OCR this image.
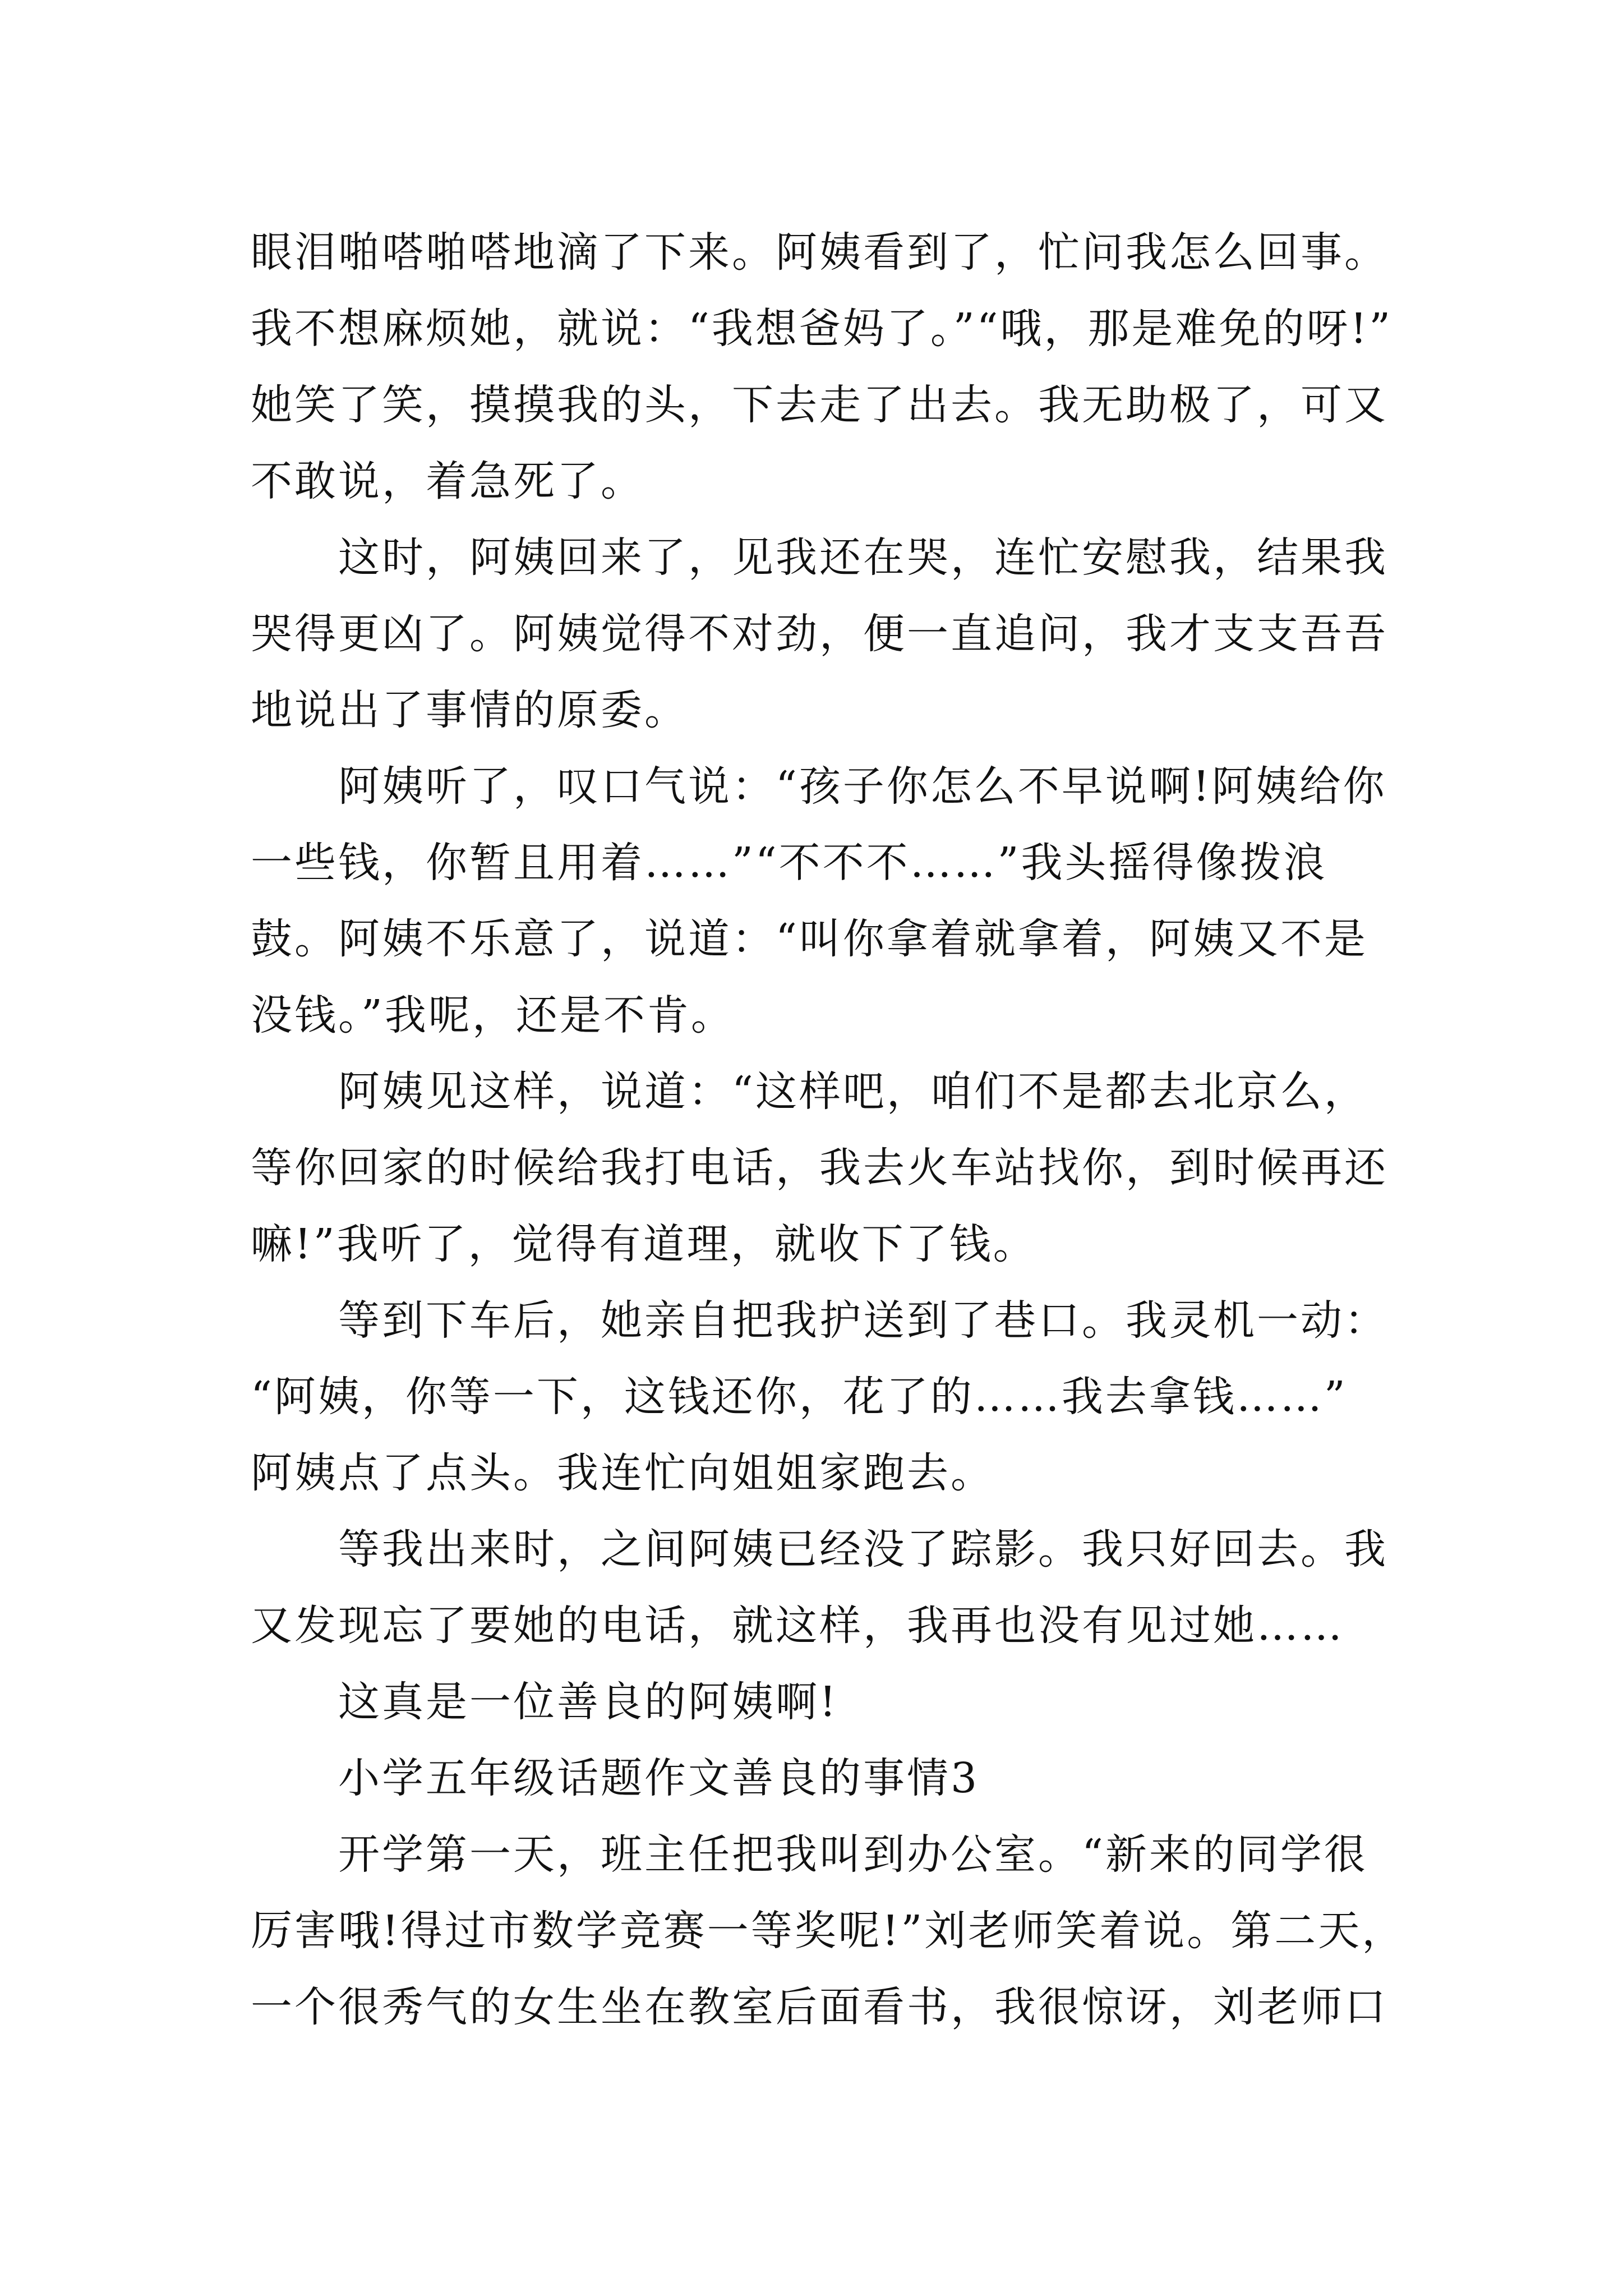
眼泪啪嗒啪嗒地滴了下来。阿姨看到了，忙问我怎么回事。
我不想麻烦她，就说：“我想爸妈了。”“哦，那是难免的呀!”
她笑了笑，摸摸我的头，下去走了出去。我无助极了，可又
不敢说，着急死了。
　　这时，阿姨回来了，见我还在哭，连忙安慰我，结果我
哭得更凶了。阿姨觉得不对劲，便一直追问，我才支支吾吾
地说出了事情的原委。
　　阿姨听了，叹口气说：“孩子你怎么不早说啊!阿姨给你
一些钱，你暂且用着……”“不不不……”我头摇得像拨浪
鼓。阿姨不乐意了，说道：“叫你拿着就拿着，阿姨又不是
没钱。”我呢，还是不肯。
　　阿姨见这样，说道：“这样吧，咱们不是都去北京么，
等你回家的时候给我打电话，我去火车站找你，到时候再还
嘛!”我听了，觉得有道理，就收下了钱。
　　等到下车后，她亲自把我护送到了巷口。我灵机一动：
“阿姨，你等一下，这钱还你，花了的……我去拿钱……”
阿姨点了点头。我连忙向姐姐家跑去。
　　等我出来时，之间阿姨已经没了踪影。我只好回去。我
又发现忘了要她的电话，就这样，我再也没有见过她……
　　这真是一位善良的阿姨啊!
　　小学五年级话题作文善良的事情3
　　开学第一天，班主任把我叫到办公室。“新来的同学很
厉害哦!得过市数学竞赛一等奖呢!”刘老师笑着说。第二天，
一个很秀气的女生坐在教室后面看书，我很惊讶，刘老师口
